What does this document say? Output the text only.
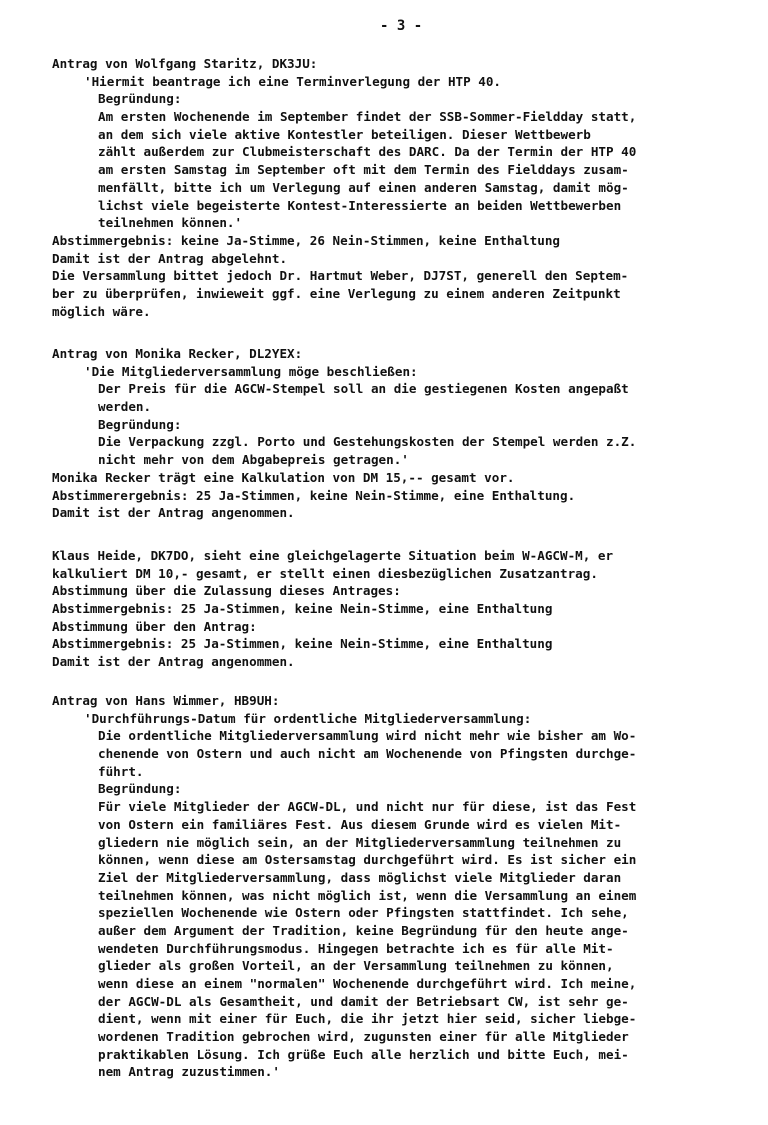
- 3 -
Antrag von Wolfgang Staritz, DK3JU:
'Hiermit beantrage ich eine Terminverlegung der HTP 40.
Begründung:
Am ersten Wochenende im September findet der SSB-Sommer-Fieldday statt,
an dem sich viele aktive Kontestler beteiligen. Dieser Wettbewerb
zählt außerdem zur Clubmeisterschaft des DARC. Da der Termin der HTP 40
am ersten Samstag im September oft mit dem Termin des Fielddays zusam-
menfällt, bitte ich um Verlegung auf einen anderen Samstag, damit mög-
lichst viele begeisterte Kontest-Interessierte an beiden Wettbewerben
teilnehmen können.'
Abstimmergebnis: keine Ja-Stimme, 26 Nein-Stimmen, keine Enthaltung
Damit ist der Antrag abgelehnt.
Die Versammlung bittet jedoch Dr. Hartmut Weber, DJ7ST, generell den Septem-
ber zu überprüfen, inwieweit ggf. eine Verlegung zu einem anderen Zeitpunkt
möglich wäre.
Antrag von Monika Recker, DL2YEX:
'Die Mitgliederversammlung möge beschließen:
Der Preis für die AGCW-Stempel soll an die gestiegenen Kosten angepaßt
werden.
Begründung:
Die Verpackung zzgl. Porto und Gestehungskosten der Stempel werden z.Z.
nicht mehr von dem Abgabepreis getragen.'
Monika Recker trägt eine Kalkulation von DM 15,-- gesamt vor.
Abstimmerergebnis: 25 Ja-Stimmen, keine Nein-Stimme, eine Enthaltung.
Damit ist der Antrag angenommen.
Klaus Heide, DK7DO, sieht eine gleichgelagerte Situation beim W-AGCW-M, er
kalkuliert DM 10,- gesamt, er stellt einen diesbezüglichen Zusatzantrag.
Abstimmung über die Zulassung dieses Antrages:
Abstimmergebnis: 25 Ja-Stimmen, keine Nein-Stimme, eine Enthaltung
Abstimmung über den Antrag:
Abstimmergebnis: 25 Ja-Stimmen, keine Nein-Stimme, eine Enthaltung
Damit ist der Antrag angenommen.
Antrag von Hans Wimmer, HB9UH:
'Durchführungs-Datum für ordentliche Mitgliederversammlung:
Die ordentliche Mitgliederversammlung wird nicht mehr wie bisher am Wo-
chenende von Ostern und auch nicht am Wochenende von Pfingsten durchge-
führt.
Begründung:
Für viele Mitglieder der AGCW-DL, und nicht nur für diese, ist das Fest
von Ostern ein familiäres Fest. Aus diesem Grunde wird es vielen Mit-
gliedern nie möglich sein, an der Mitgliederversammlung teilnehmen zu
können, wenn diese am Ostersamstag durchgeführt wird. Es ist sicher ein
Ziel der Mitgliederversammlung, dass möglichst viele Mitglieder daran
teilnehmen können, was nicht möglich ist, wenn die Versammlung an einem
speziellen Wochenende wie Ostern oder Pfingsten stattfindet. Ich sehe,
außer dem Argument der Tradition, keine Begründung für den heute ange-
wendeten Durchführungsmodus. Hingegen betrachte ich es für alle Mit-
glieder als großen Vorteil, an der Versammlung teilnehmen zu können,
wenn diese an einem "normalen" Wochenende durchgeführt wird. Ich meine,
der AGCW-DL als Gesamtheit, und damit der Betriebsart CW, ist sehr ge-
dient, wenn mit einer für Euch, die ihr jetzt hier seid, sicher liebge-
wordenen Tradition gebrochen wird, zugunsten einer für alle Mitglieder
praktikablen Lösung. Ich grüße Euch alle herzlich und bitte Euch, mei-
nem Antrag zuzustimmen.'
